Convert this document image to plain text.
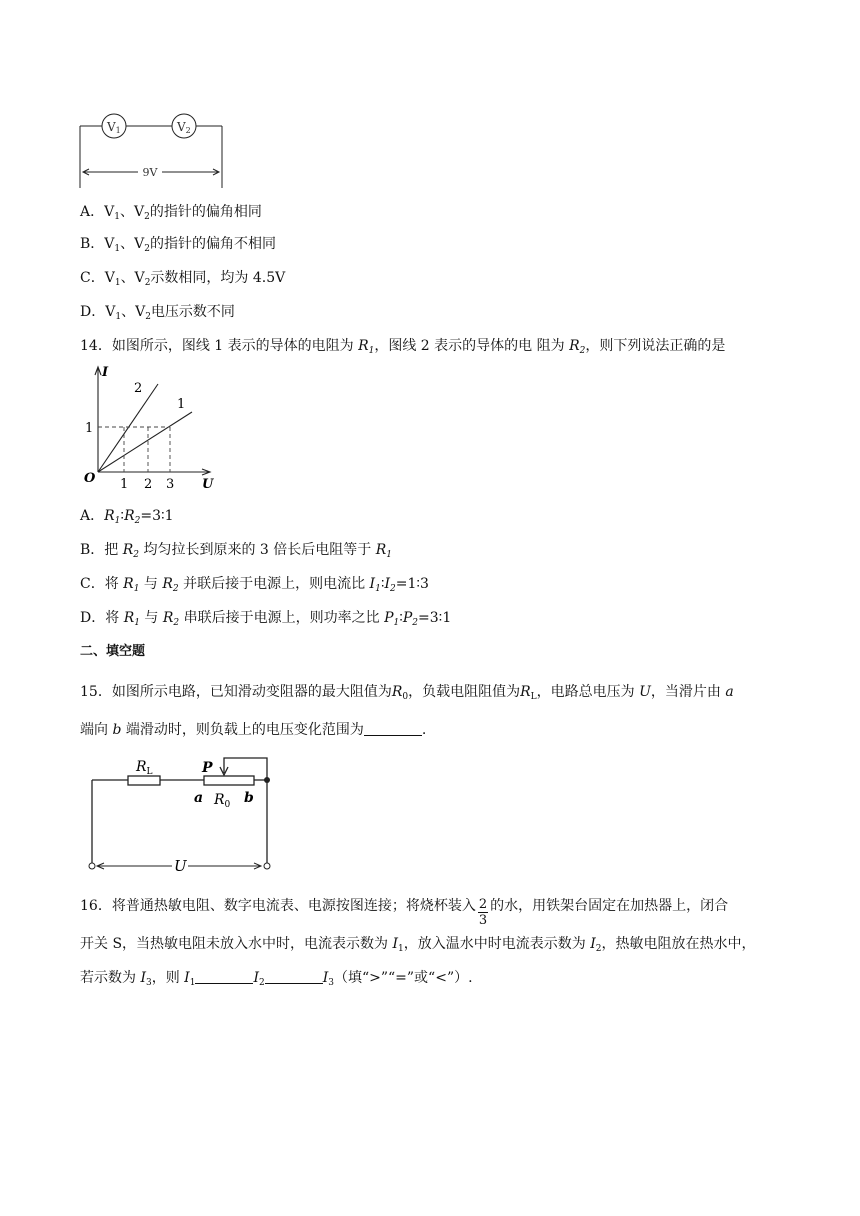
V1	V2
9V
A．$V_1$、$V_2$的指针的偏角相同
B．$V_1$、$V_2$的指针的偏角不相同
C．$V_1$、$V_2$示数相同，均为 4.5V
D．$V_1$、$V_2$电压示数不同
14．如图所示，图线 1 表示的导体的电阻为 $R_1$，图线 2 表示的导体的电 阻为 $R_2$，则下列说法正确的是
I
U
O
1
1 2 3
2
1
A．$R_1∶R_2=3∶1$
B．把 $R_2$ 均匀拉长到原来的 3 倍长后电阻等于 $R_1$
C．将 $R_1$ 与 $R_2$ 并联后接于电源上，则电流比 $I_1∶I_2=1∶3$
D．将 $R_1$ 与 $R_2$ 串联后接于电源上，则功率之比 $P_1∶P_2=3∶1$
二、填空题
15．如图所示电路，已知滑动变阻器的最大阻值为$R_0$，负载电阻阻值为$R_L$，电路总电压为 U，当滑片由 a
端向 b 端滑动时，则负载上的电压变化范围为	.
$R_L$	P
a $R_0$ b
U
16．将普通热敏电阻、数字电流表、电源按图连接；将烧杯装入 $\frac{2}{3}$ 的水，用铁架台固定在加热器上，闭合
开关 S，当热敏电阻未放入水中时，电流表示数为 $I_1$，放入温水中时电流表示数为 $I_2$，热敏电阻放在热水中，
若示数为 $I_3$，则 $I_1$	$I_2$	$I_3$（填“>”“=”或“<”）.
